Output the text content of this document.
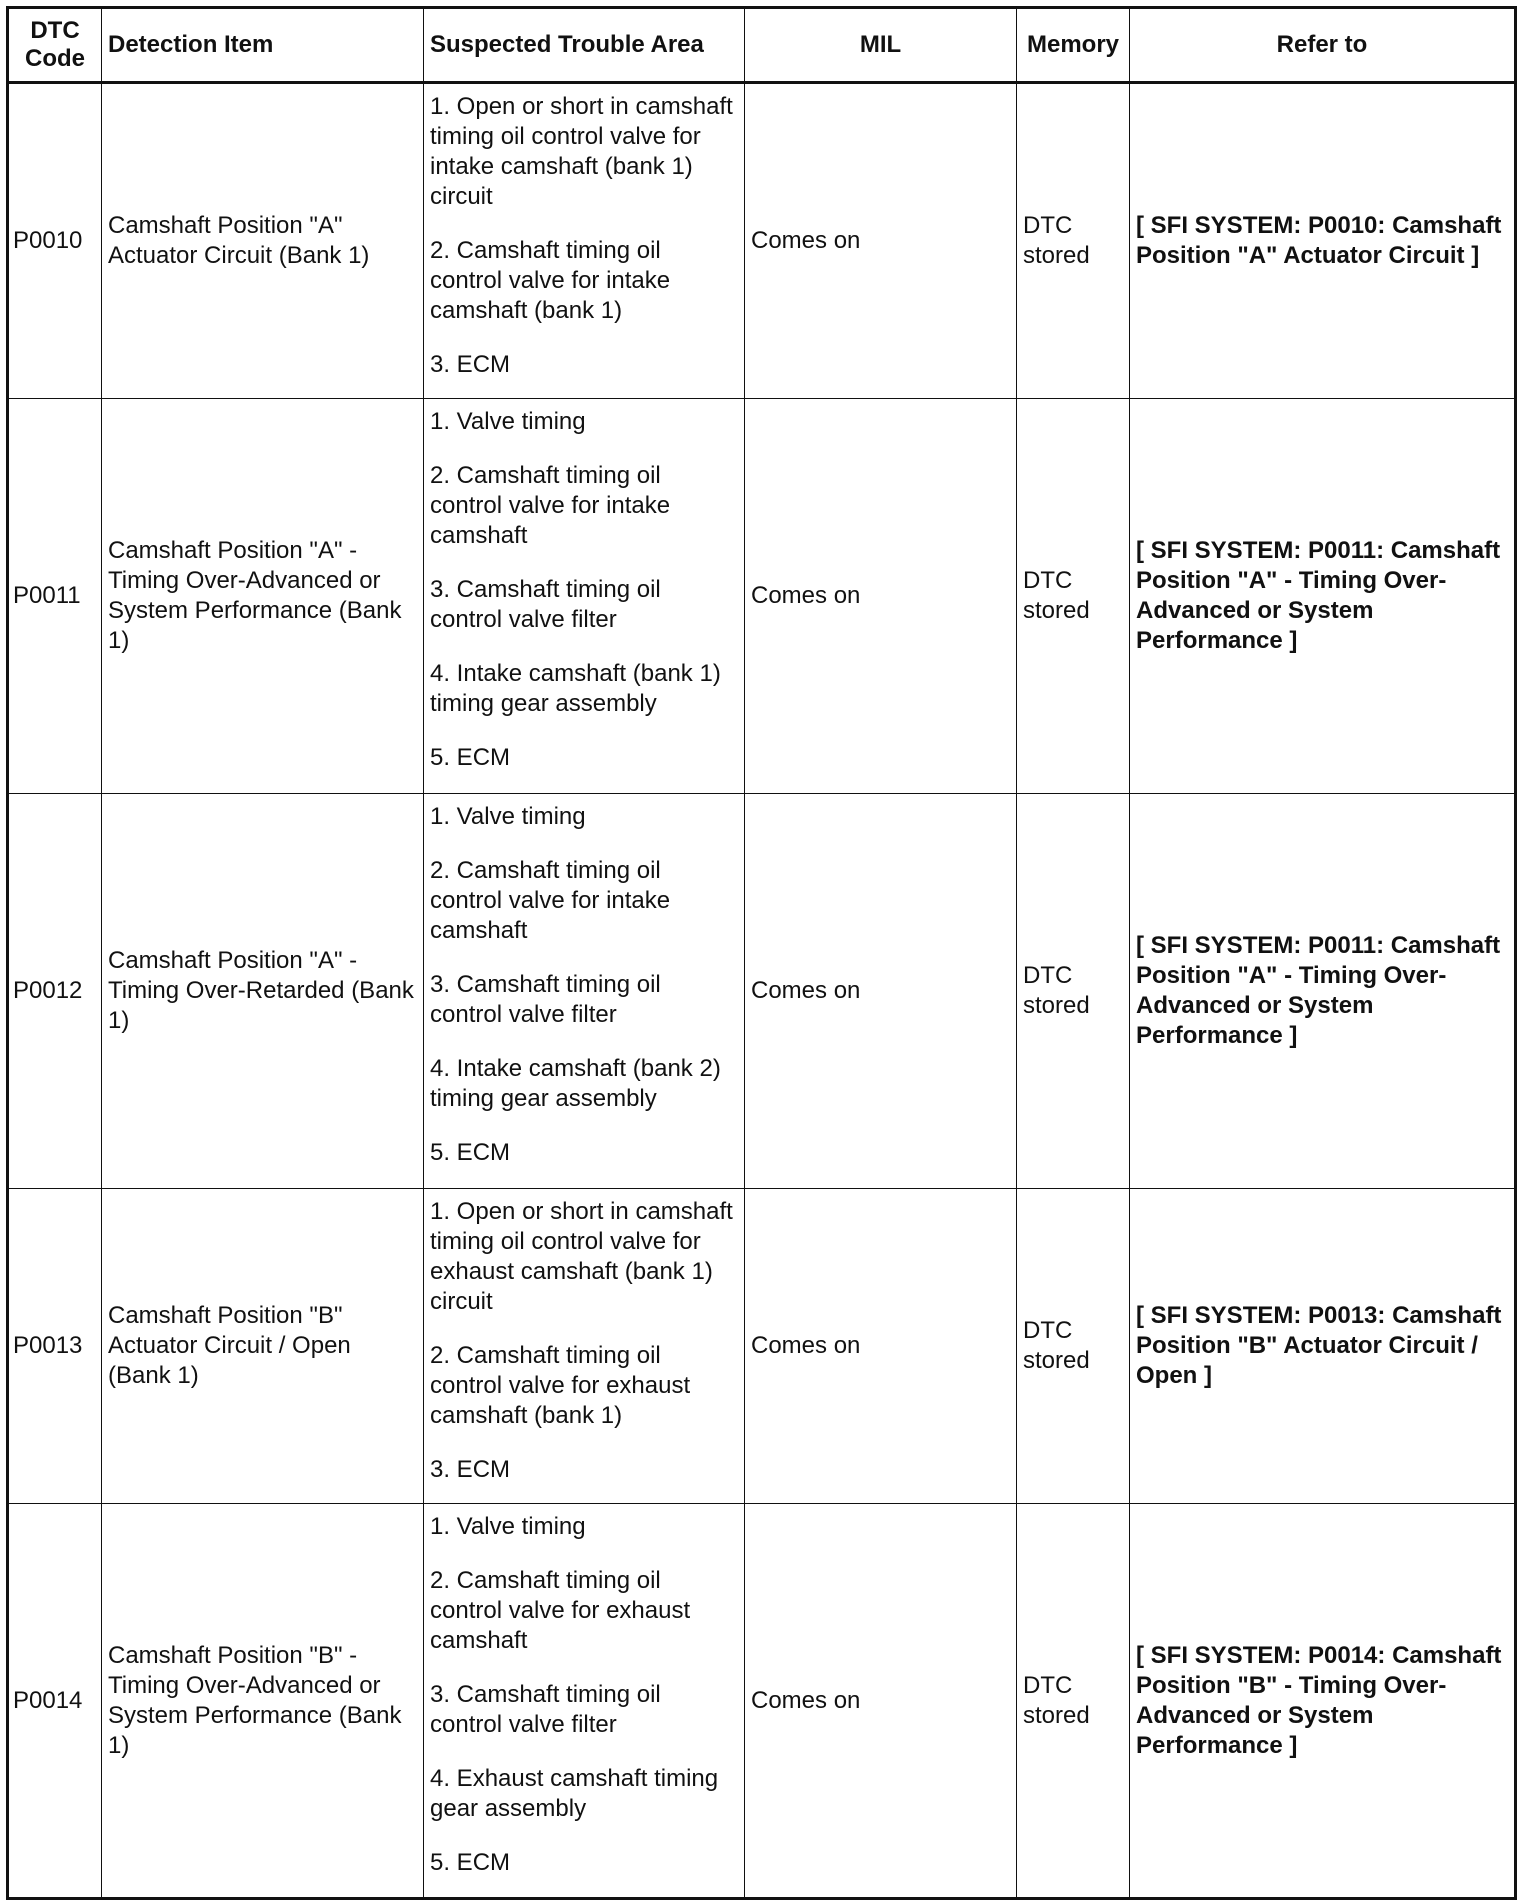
DTC Code	Detection Item	Suspected Trouble Area	MIL	Memory	Refer to
P0010	Camshaft Position "A" Actuator Circuit (Bank 1)	1. Open or short in camshaft timing oil control valve for intake camshaft (bank 1) circuit
2. Camshaft timing oil control valve for intake camshaft (bank 1)
3. ECM	Comes on	DTC stored	[ SFI SYSTEM: P0010: Camshaft Position "A" Actuator Circuit ]
P0011	Camshaft Position "A" - Timing Over-Advanced or System Performance (Bank 1)	1. Valve timing
2. Camshaft timing oil control valve for intake camshaft
3. Camshaft timing oil control valve filter
4. Intake camshaft (bank 1) timing gear assembly
5. ECM	Comes on	DTC stored	[ SFI SYSTEM: P0011: Camshaft Position "A" - Timing Over-Advanced or System Performance ]
P0012	Camshaft Position "A" - Timing Over-Retarded (Bank 1)	1. Valve timing
2. Camshaft timing oil control valve for intake camshaft
3. Camshaft timing oil control valve filter
4. Intake camshaft (bank 2) timing gear assembly
5. ECM	Comes on	DTC stored	[ SFI SYSTEM: P0011: Camshaft Position "A" - Timing Over-Advanced or System Performance ]
P0013	Camshaft Position "B" Actuator Circuit / Open (Bank 1)	1. Open or short in camshaft timing oil control valve for exhaust camshaft (bank 1) circuit
2. Camshaft timing oil control valve for exhaust camshaft (bank 1)
3. ECM	Comes on	DTC stored	[ SFI SYSTEM: P0013: Camshaft Position "B" Actuator Circuit / Open ]
P0014	Camshaft Position "B" - Timing Over-Advanced or System Performance (Bank 1)	1. Valve timing
2. Camshaft timing oil control valve for exhaust camshaft
3. Camshaft timing oil control valve filter
4. Exhaust camshaft timing gear assembly
5. ECM	Comes on	DTC stored	[ SFI SYSTEM: P0014: Camshaft Position "B" - Timing Over-Advanced or System Performance ]
